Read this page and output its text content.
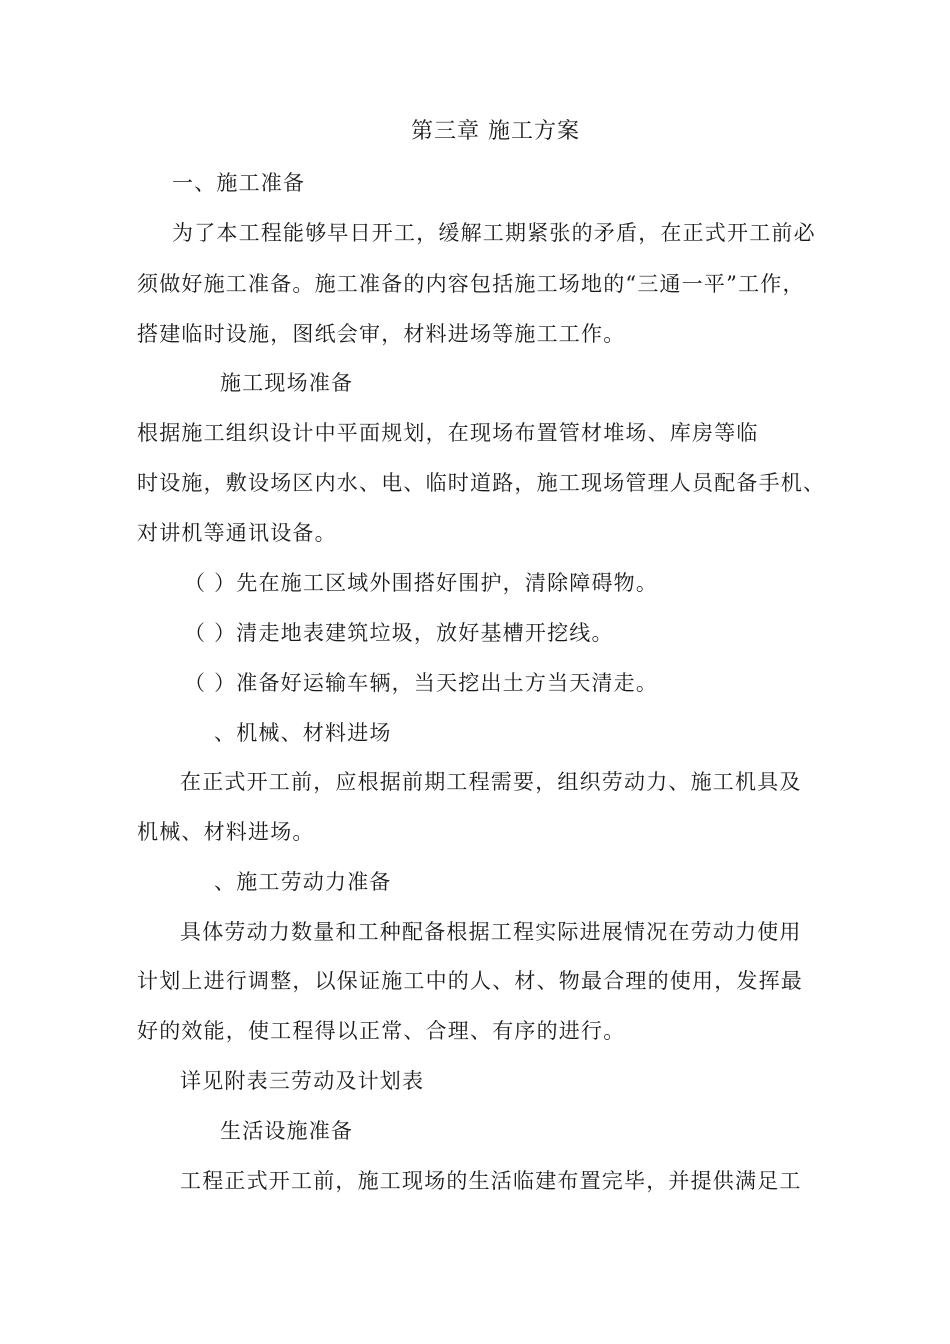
第三章 施工方案
一、施工准备
为了本工程能够早日开工，缓解工期紧张的矛盾，在正式开工前必
须做好施工准备。施工准备的内容包括施工场地的“三通一平”工作，
搭建临时设施，图纸会审，材料进场等施工工作。
施工现场准备
根据施工组织设计中平面规划，在现场布置管材堆场、库房等临
时设施，敷设场区内水、电、临时道路，施工现场管理人员配备手机、
对讲机等通讯设备。
（ ）先在施工区域外围搭好围护，清除障碍物。
（ ）清走地表建筑垃圾，放好基槽开挖线。
（ ）准备好运输车辆，当天挖出土方当天清走。
、机械、材料进场
在正式开工前，应根据前期工程需要，组织劳动力、施工机具及
机械、材料进场。
、施工劳动力准备
具体劳动力数量和工种配备根据工程实际进展情况在劳动力使用
计划上进行调整，以保证施工中的人、材、物最合理的使用，发挥最
好的效能，使工程得以正常、合理、有序的进行。
详见附表三劳动及计划表
生活设施准备
工程正式开工前，施工现场的生活临建布置完毕，并提供满足工
